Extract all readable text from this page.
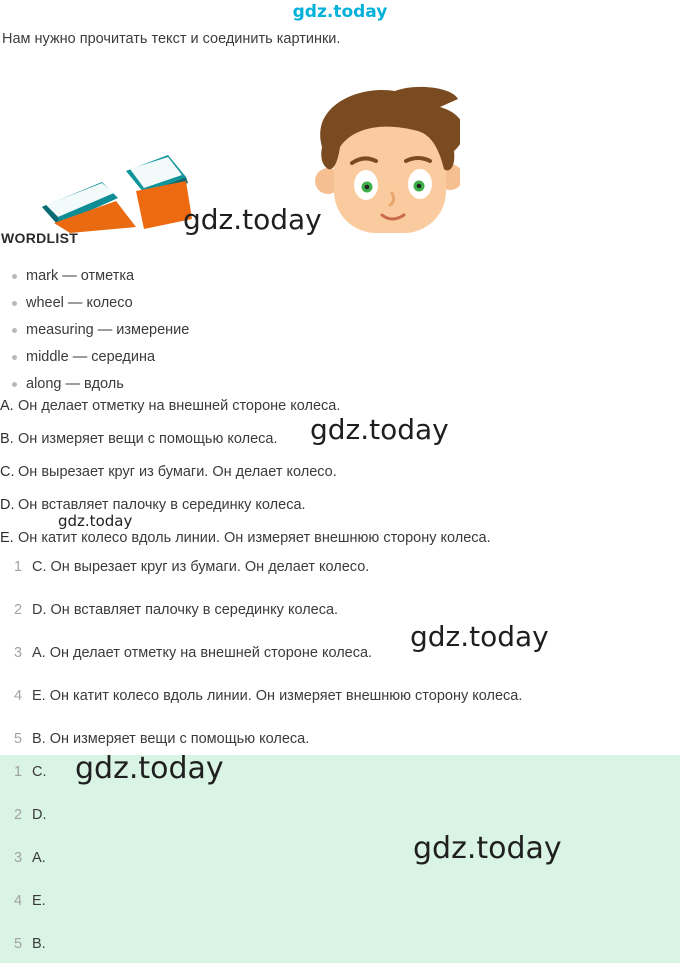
gdz.today

Нам нужно прочитать текст и соединить картинки.

gdz.today
WORDLIST
mark — отметка
wheel — колесо
measuring — измерение
middle — середина
along — вдоль
A. Он делает отметку на внешней стороне колеса.
B. Он измеряет вещи с помощью колеса.
C. Он вырезает круг из бумаги. Он делает колесо.
D. Он вставляет палочку в серединку колеса.
E. Он катит колесо вдоль линии. Он измеряет внешнюю сторону колеса.
gdz.today
gdz.today
1 C. Он вырезает круг из бумаги. Он делает колесо.
2 D. Он вставляет палочку в серединку колеса.
3 A. Он делает отметку на внешней стороне колеса.
4 E. Он катит колесо вдоль линии. Он измеряет внешнюю сторону колеса.
5 B. Он измеряет вещи с помощью колеса.
gdz.today
1 C.
2 D.
3 A.
4 E.
5 B.
gdz.today
gdz.today
